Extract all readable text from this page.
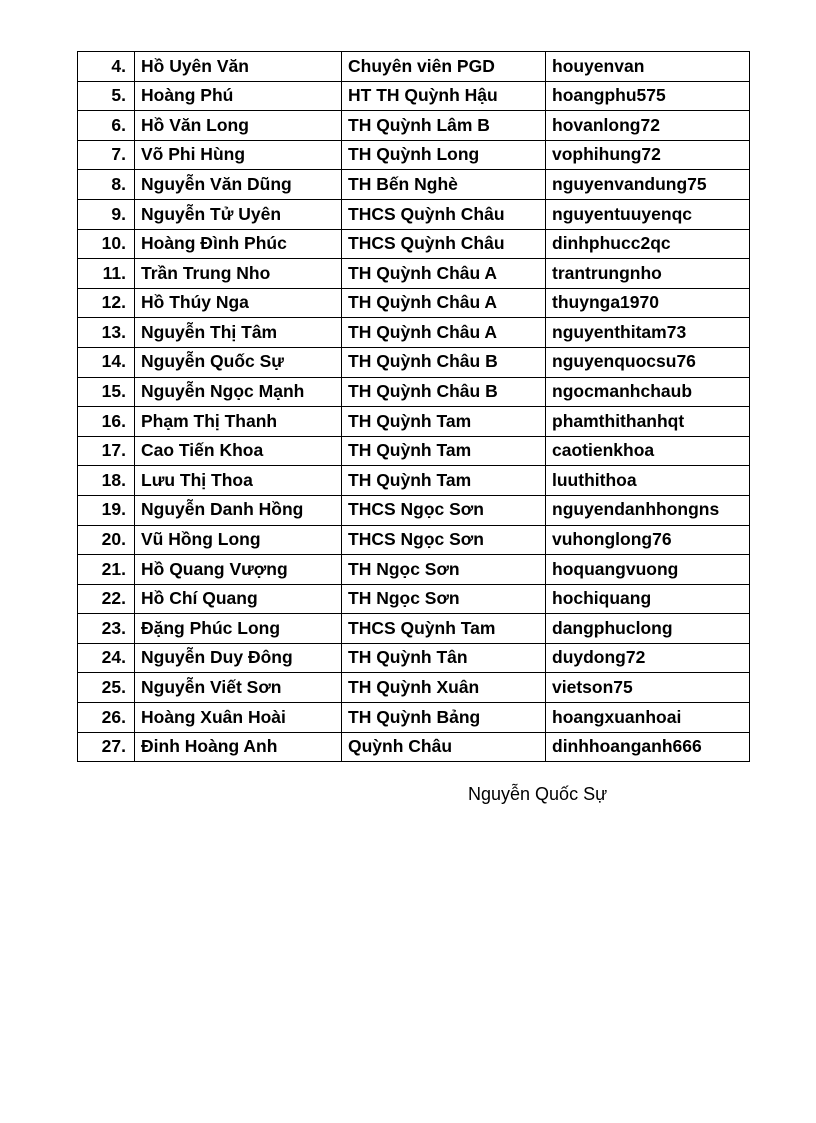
4.	Hồ Uyên Văn	Chuyên viên PGD	houyenvan
5.	Hoàng Phú	HT TH Quỳnh Hậu	hoangphu575
6.	Hồ Văn Long	TH Quỳnh Lâm B	hovanlong72
7.	Võ Phi Hùng	TH Quỳnh Long	vophihung72
8.	Nguyễn Văn Dũng	TH Bến Nghè	nguyenvandung75
9.	Nguyễn Tử Uyên	THCS Quỳnh Châu	nguyentuuyenqc
10.	Hoàng Đình Phúc	THCS Quỳnh Châu	dinhphucc2qc
11.	Trần Trung Nho	TH Quỳnh Châu A	trantrungnho
12.	Hồ Thúy Nga	TH Quỳnh Châu A	thuynga1970
13.	Nguyễn Thị Tâm	TH Quỳnh Châu A	nguyenthitam73
14.	Nguyễn Quốc Sự	TH Quỳnh Châu B	nguyenquocsu76
15.	Nguyễn Ngọc Mạnh	TH Quỳnh Châu B	ngocmanhchaub
16.	Phạm Thị Thanh	TH Quỳnh Tam	phamthithanhqt
17.	Cao Tiến Khoa	TH Quỳnh Tam	caotienkhoa
18.	Lưu Thị Thoa	TH Quỳnh Tam	luuthithoa
19.	Nguyễn Danh Hồng	THCS Ngọc Sơn	nguyendanhhongns
20.	Vũ Hồng Long	THCS Ngọc Sơn	vuhonglong76
21.	Hồ Quang Vượng	TH Ngọc Sơn	hoquangvuong
22.	Hồ Chí Quang	TH Ngọc Sơn	hochiquang
23.	Đặng Phúc Long	THCS Quỳnh Tam	dangphuclong
24.	Nguyễn Duy Đông	TH Quỳnh Tân	duydong72
25.	Nguyễn Viết Sơn	TH Quỳnh Xuân	vietson75
26.	Hoàng Xuân Hoài	TH Quỳnh Bảng	hoangxuanhoai
27.	Đinh Hoàng Anh	Quỳnh Châu	dinhhoanganh666
Nguyễn Quốc Sự
